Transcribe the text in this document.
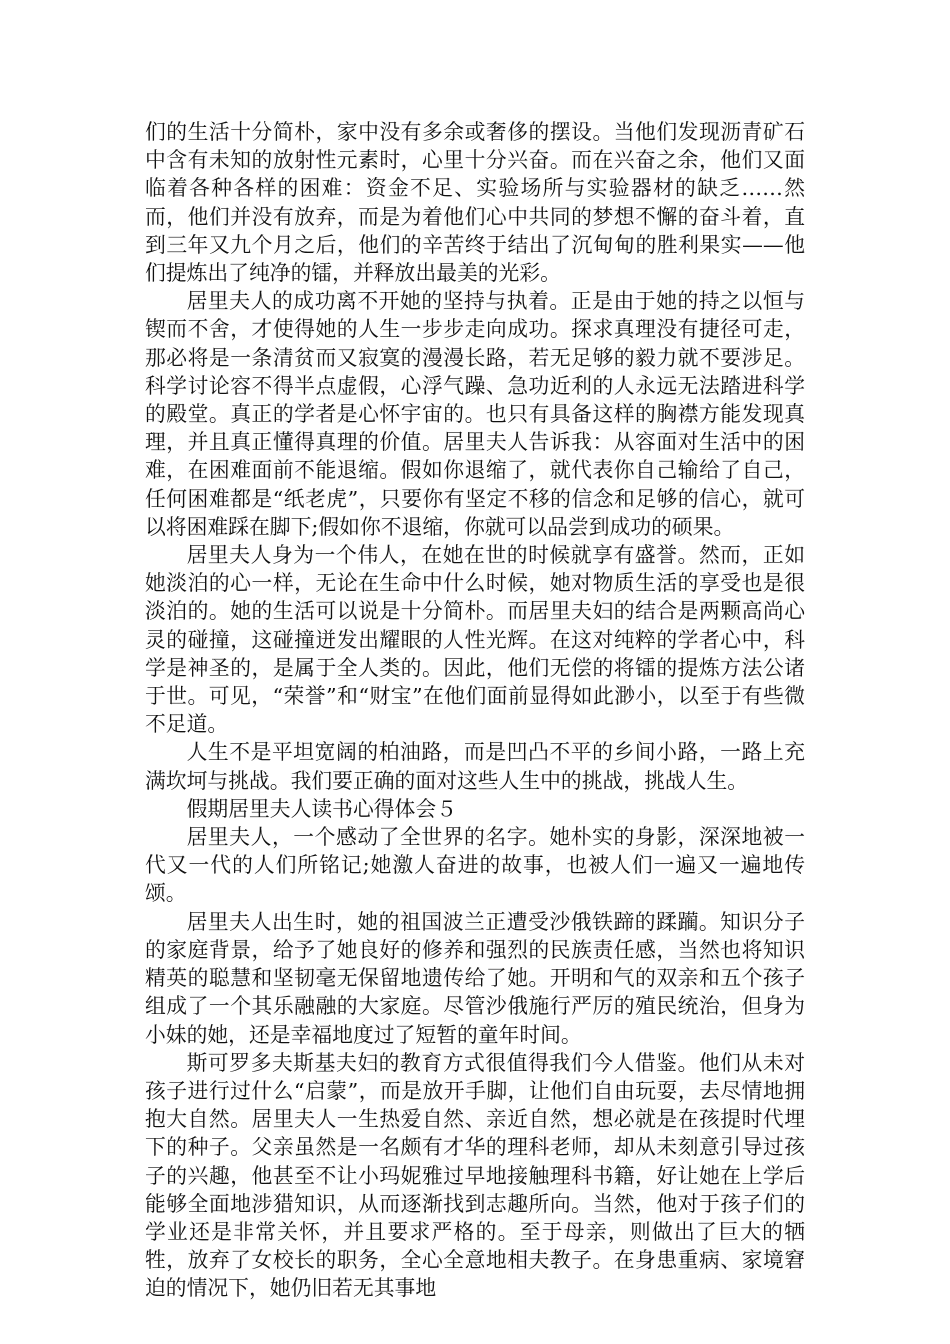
们的生活十分简朴，家中没有多余或奢侈的摆设。当他们发现沥青矿石中含有未知的放射性元素时，心里十分兴奋。而在兴奋之余，他们又面临着各种各样的困难：资金不足、实验场所与实验器材的缺乏……然而，他们并没有放弃，而是为着他们心中共同的梦想不懈的奋斗着，直到三年又九个月之后，他们的辛苦终于结出了沉甸甸的胜利果实——他们提炼出了纯净的镭，并释放出最美的光彩。

居里夫人的成功离不开她的坚持与执着。正是由于她的持之以恒与锲而不舍，才使得她的人生一步步走向成功。探求真理没有捷径可走，那必将是一条清贫而又寂寞的漫漫长路，若无足够的毅力就不要涉足。科学讨论容不得半点虚假，心浮气躁、急功近利的人永远无法踏进科学的殿堂。真正的学者是心怀宇宙的。也只有具备这样的胸襟方能发现真理，并且真正懂得真理的价值。居里夫人告诉我：从容面对生活中的困难，在困难面前不能退缩。假如你退缩了，就代表你自己输给了自己，任何困难都是“纸老虎”，只要你有坚定不移的信念和足够的信心，就可以将困难踩在脚下;假如你不退缩，你就可以品尝到成功的硕果。

居里夫人身为一个伟人，在她在世的时候就享有盛誉。然而，正如她淡泊的心一样，无论在生命中什么时候，她对物质生活的享受也是很淡泊的。她的生活可以说是十分简朴。而居里夫妇的结合是两颗高尚心灵的碰撞，这碰撞迸发出耀眼的人性光辉。在这对纯粹的学者心中，科学是神圣的，是属于全人类的。因此，他们无偿的将镭的提炼方法公诸于世。可见，“荣誉”和“财宝”在他们面前显得如此渺小，以至于有些微不足道。

人生不是平坦宽阔的柏油路，而是凹凸不平的乡间小路，一路上充满坎坷与挑战。我们要正确的面对这些人生中的挑战，挑战人生。

假期居里夫人读书心得体会５

居里夫人，一个感动了全世界的名字。她朴实的身影，深深地被一代又一代的人们所铭记;她激人奋进的故事，也被人们一遍又一遍地传颂。

居里夫人出生时，她的祖国波兰正遭受沙俄铁蹄的蹂躏。知识分子的家庭背景，给予了她良好的修养和强烈的民族责任感，当然也将知识精英的聪慧和坚韧毫无保留地遗传给了她。开明和气的双亲和五个孩子组成了一个其乐融融的大家庭。尽管沙俄施行严厉的殖民统治，但身为小妹的她，还是幸福地度过了短暂的童年时间。

斯可罗多夫斯基夫妇的教育方式很值得我们今人借鉴。他们从未对孩子进行过什么“启蒙”，而是放开手脚，让他们自由玩耍，去尽情地拥抱大自然。居里夫人一生热爱自然、亲近自然，想必就是在孩提时代埋下的种子。父亲虽然是一名颇有才华的理科老师，却从未刻意引导过孩子的兴趣，他甚至不让小玛妮雅过早地接触理科书籍，好让她在上学后能够全面地涉猎知识，从而逐渐找到志趣所向。当然，他对于孩子们的学业还是非常关怀，并且要求严格的。至于母亲，则做出了巨大的牺牲，放弃了女校长的职务，全心全意地相夫教子。在身患重病、家境窘迫的情况下，她仍旧若无其事地
